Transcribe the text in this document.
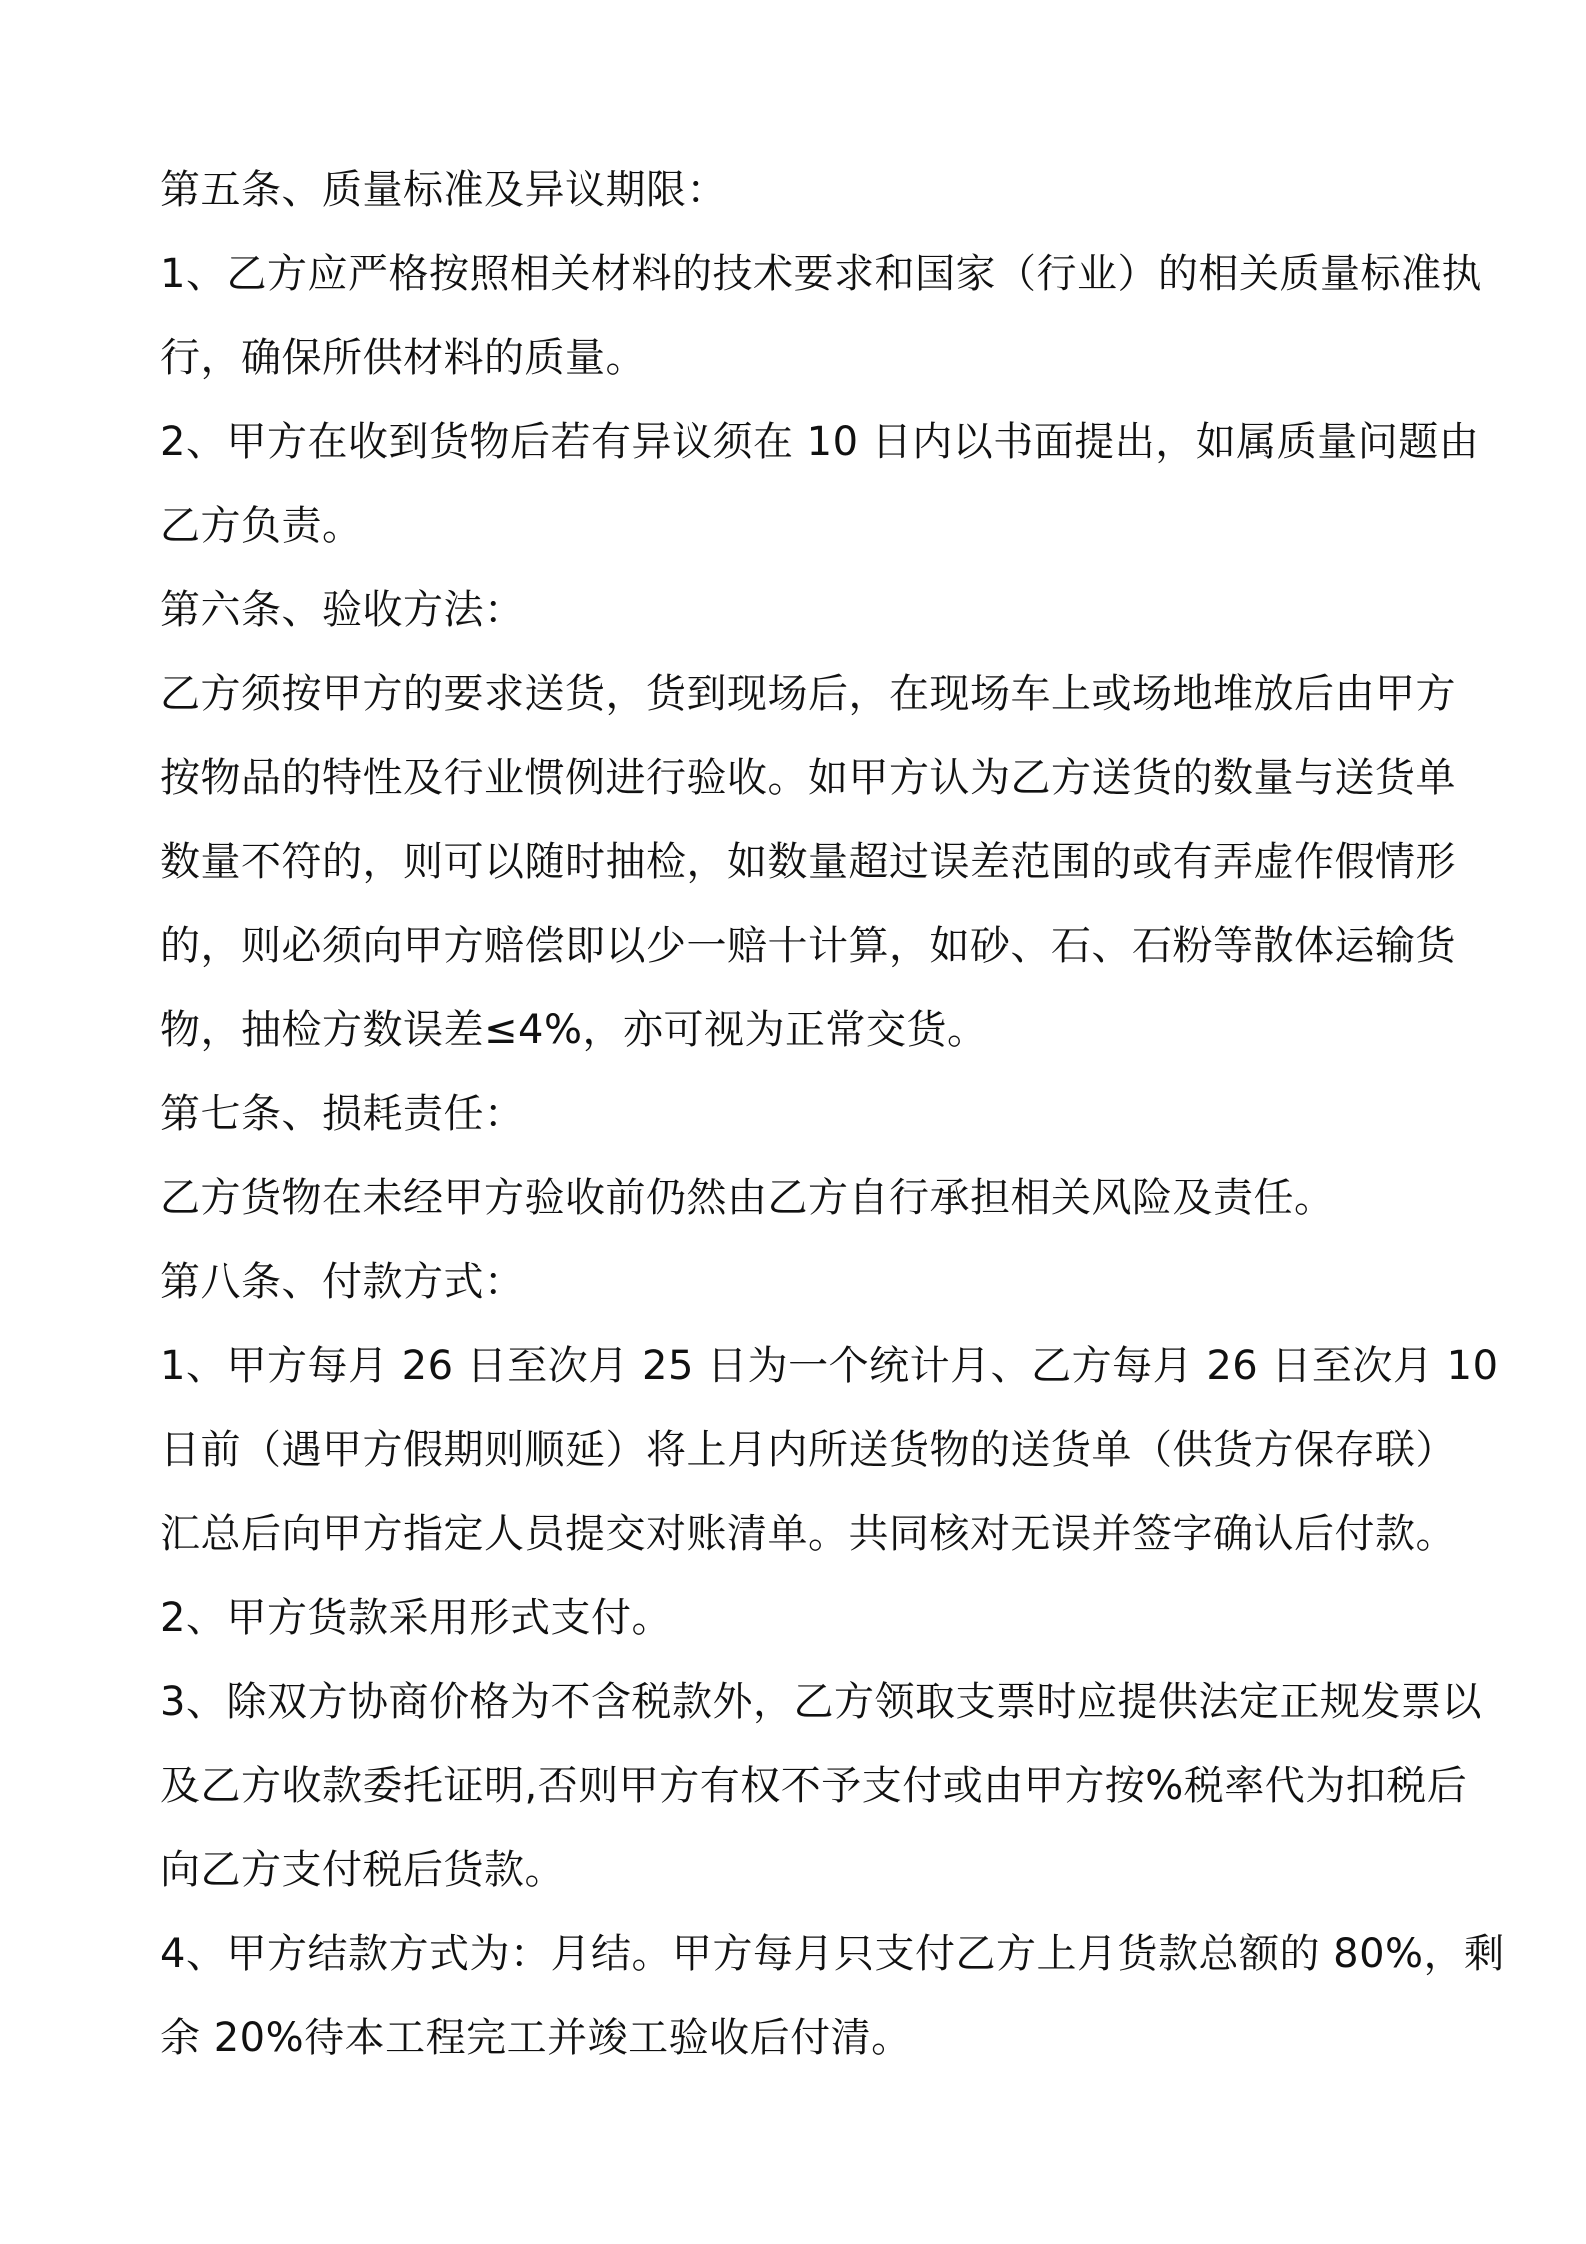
第五条、质量标准及异议期限：
1、乙方应严格按照相关材料的技术要求和国家（行业）的相关质量标准执
行，确保所供材料的质量。
2、甲方在收到货物后若有异议须在 10 日内以书面提出，如属质量问题由
乙方负责。
第六条、验收方法：
乙方须按甲方的要求送货，货到现场后，在现场车上或场地堆放后由甲方
按物品的特性及行业惯例进行验收。如甲方认为乙方送货的数量与送货单
数量不符的，则可以随时抽检，如数量超过误差范围的或有弄虚作假情形
的，则必须向甲方赔偿即以少一赔十计算，如砂、石、石粉等散体运输货
物，抽检方数误差≤4%，亦可视为正常交货。
第七条、损耗责任：
乙方货物在未经甲方验收前仍然由乙方自行承担相关风险及责任。
第八条、付款方式：
1、甲方每月 26 日至次月 25 日为一个统计月、乙方每月 26 日至次月 10
日前（遇甲方假期则顺延）将上月内所送货物的送货单（供货方保存联）
汇总后向甲方指定人员提交对账清单。共同核对无误并签字确认后付款。
2、甲方货款采用形式支付。
3、除双方协商价格为不含税款外，乙方领取支票时应提供法定正规发票以
及乙方收款委托证明,否则甲方有权不予支付或由甲方按%税率代为扣税后
向乙方支付税后货款。
4、甲方结款方式为：月结。甲方每月只支付乙方上月货款总额的 80%，剩
余 20%待本工程完工并竣工验收后付清。
